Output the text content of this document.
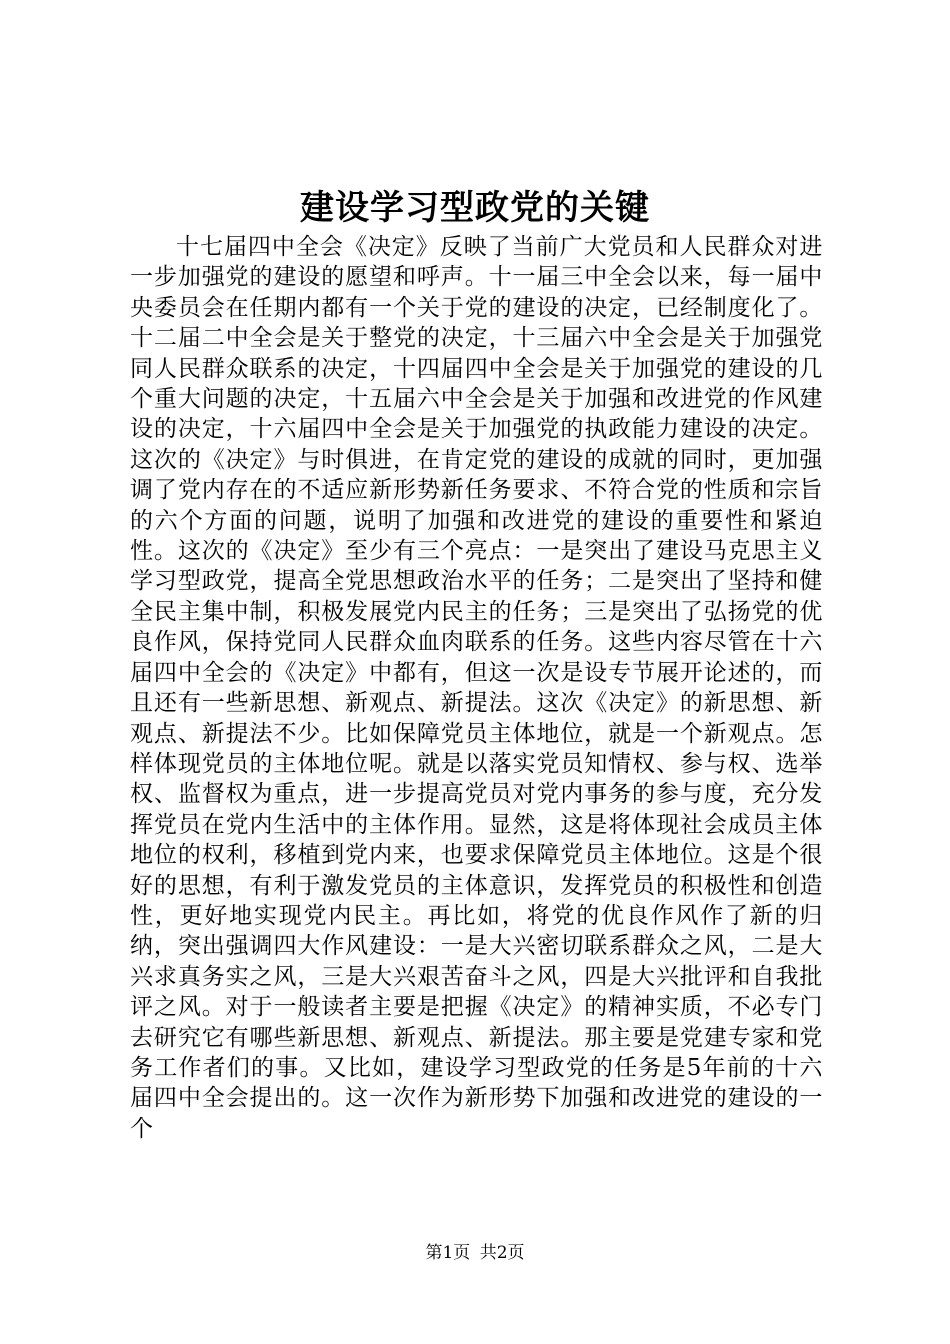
建设学习型政党的关键

十七届四中全会《决定》反映了当前广大党员和人民群众对进一步加强党的建设的愿望和呼声。十一届三中全会以来，每一届中央委员会在任期内都有一个关于党的建设的决定，已经制度化了。十二届二中全会是关于整党的决定，十三届六中全会是关于加强党同人民群众联系的决定，十四届四中全会是关于加强党的建设的几个重大问题的决定，十五届六中全会是关于加强和改进党的作风建设的决定，十六届四中全会是关于加强党的执政能力建设的决定。这次的《决定》与时俱进，在肯定党的建设的成就的同时，更加强调了党内存在的不适应新形势新任务要求、不符合党的性质和宗旨的六个方面的问题，说明了加强和改进党的建设的重要性和紧迫性。这次的《决定》至少有三个亮点：一是突出了建设马克思主义学习型政党，提高全党思想政治水平的任务；二是突出了坚持和健全民主集中制，积极发展党内民主的任务；三是突出了弘扬党的优良作风，保持党同人民群众血肉联系的任务。这些内容尽管在十六届四中全会的《决定》中都有，但这一次是设专节展开论述的，而且还有一些新思想、新观点、新提法。这次《决定》的新思想、新观点、新提法不少。比如保障党员主体地位，就是一个新观点。怎样体现党员的主体地位呢。就是以落实党员知情权、参与权、选举权、监督权为重点，进一步提高党员对党内事务的参与度，充分发挥党员在党内生活中的主体作用。显然，这是将体现社会成员主体地位的权利，移植到党内来，也要求保障党员主体地位。这是个很好的思想，有利于激发党员的主体意识，发挥党员的积极性和创造性，更好地实现党内民主。再比如，将党的优良作风作了新的归纳，突出强调四大作风建设：一是大兴密切联系群众之风，二是大兴求真务实之风，三是大兴艰苦奋斗之风，四是大兴批评和自我批评之风。对于一般读者主要是把握《决定》的精神实质，不必专门去研究它有哪些新思想、新观点、新提法。那主要是党建专家和党务工作者们的事。又比如，建设学习型政党的任务是5年前的十六届四中全会提出的。这一次作为新形势下加强和改进党的建设的一个

第1页 共2页
